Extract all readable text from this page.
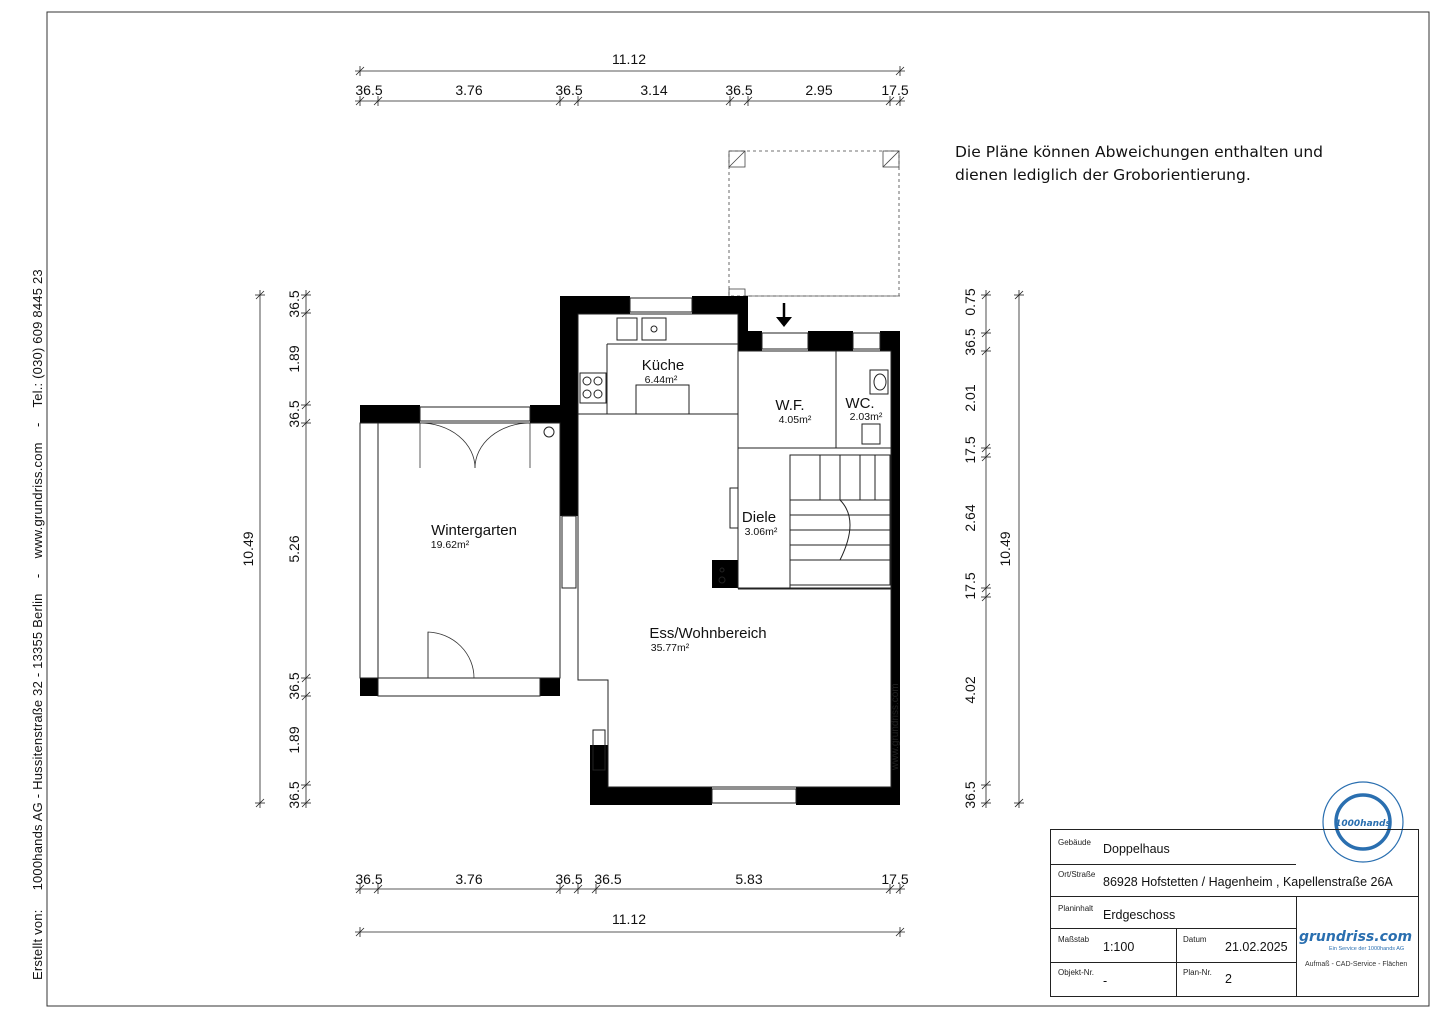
11.12
36.5	3.76	36.5	3.14	36.5	2.95	17.5
36.5	3.76	36.5 36.5	5.83	17.5
11.12
10.49
36.5
1.89
36.5
5.26
36.5
1.89
36.5
10.49
0.75
36.5
2.01
17.5
2.64
17.5
4.02
36.5
Küche
6.44m²
W.F.
4.05m²
WC.
2.03m²
Wintergarten
19.62m²
Diele
3.06m²
Ess/Wohnbereich
35.77m²
www.grundriss.com
Die Pläne können Abweichungen enthalten und
dienen lediglich der Groborientierung.
Erstellt von:     1000hands AG - Hussitenstraße 32 - 13355 Berlin    -    www.grundriss.com    -    Tel.: (030) 609 8445 23	1000hands
Gebäude Doppelhaus
Ort/Straße
86928 Hofstetten / Hagenheim , Kapellenstraße 26A
Planinhalt Erdgeschoss
Maßstab
1:100
Datum
21.02.2025
Objekt-Nr.
-
Plan-Nr. 2
grundriss.com
Ein Service der 1000hands AG
Aufmaß - CAD-Service - Flächen
